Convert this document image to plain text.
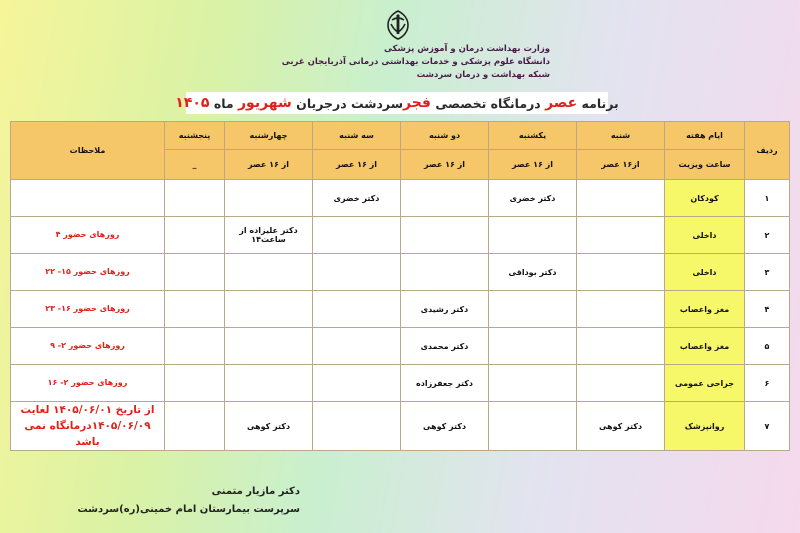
وزارت بهداشت درمان و آموزش پزشکی
دانشگاه علوم پزشکی و خدمات بهداشتی درمانی آذربایجان غربی
شبکه بهداشت و درمان سردشت
برنامه

عصر

درمانگاه تخصصی

فجر
سردشت درجریان

شهریور

ماه

۱۴۰۵
ردیف	ایام هفته	شنبه	یکشنبه	دو شنبه	سه شنبه	چهارشنبه	پنجشنبه	ملاحظات
	ساعت ویزیت	از۱۶ عصر	از ۱۶ عصر	از ۱۶ عصر	از ۱۶ عصر	از ۱۶ عصر	_	
۱	کودکان		دکتر خضری		دکتر خضری			

۲	داخلی					دکتر علیزاده از ساعت۱۴		روزهای حضور ۴

۳	داخلی		دکتر بوداقی					روزهای حضور ۱۵- ۲۲

۴	مغز واعصاب			دکتر رشیدی				روزهای حضور ۱۶- ۲۳

۵	مغز واعصاب			دکتر محمدی				روزهای حضور ۲- ۹

۶	جراحی عمومی			دکتر جعفرزاده				روزهای حضور ۲- ۱۶

۷	روانپزشک	دکتر کوهی		دکتر کوهی		دکتر کوهی		از تاریخ ۱۴۰۵/۰۶/۰۱ لغایت
۱۴۰۵/۰۶/۰۹درمانگاه نمی باشد
دکتر مازیار متمنی
سرپرست بیمارستان امام خمینی(ره)سردشت
